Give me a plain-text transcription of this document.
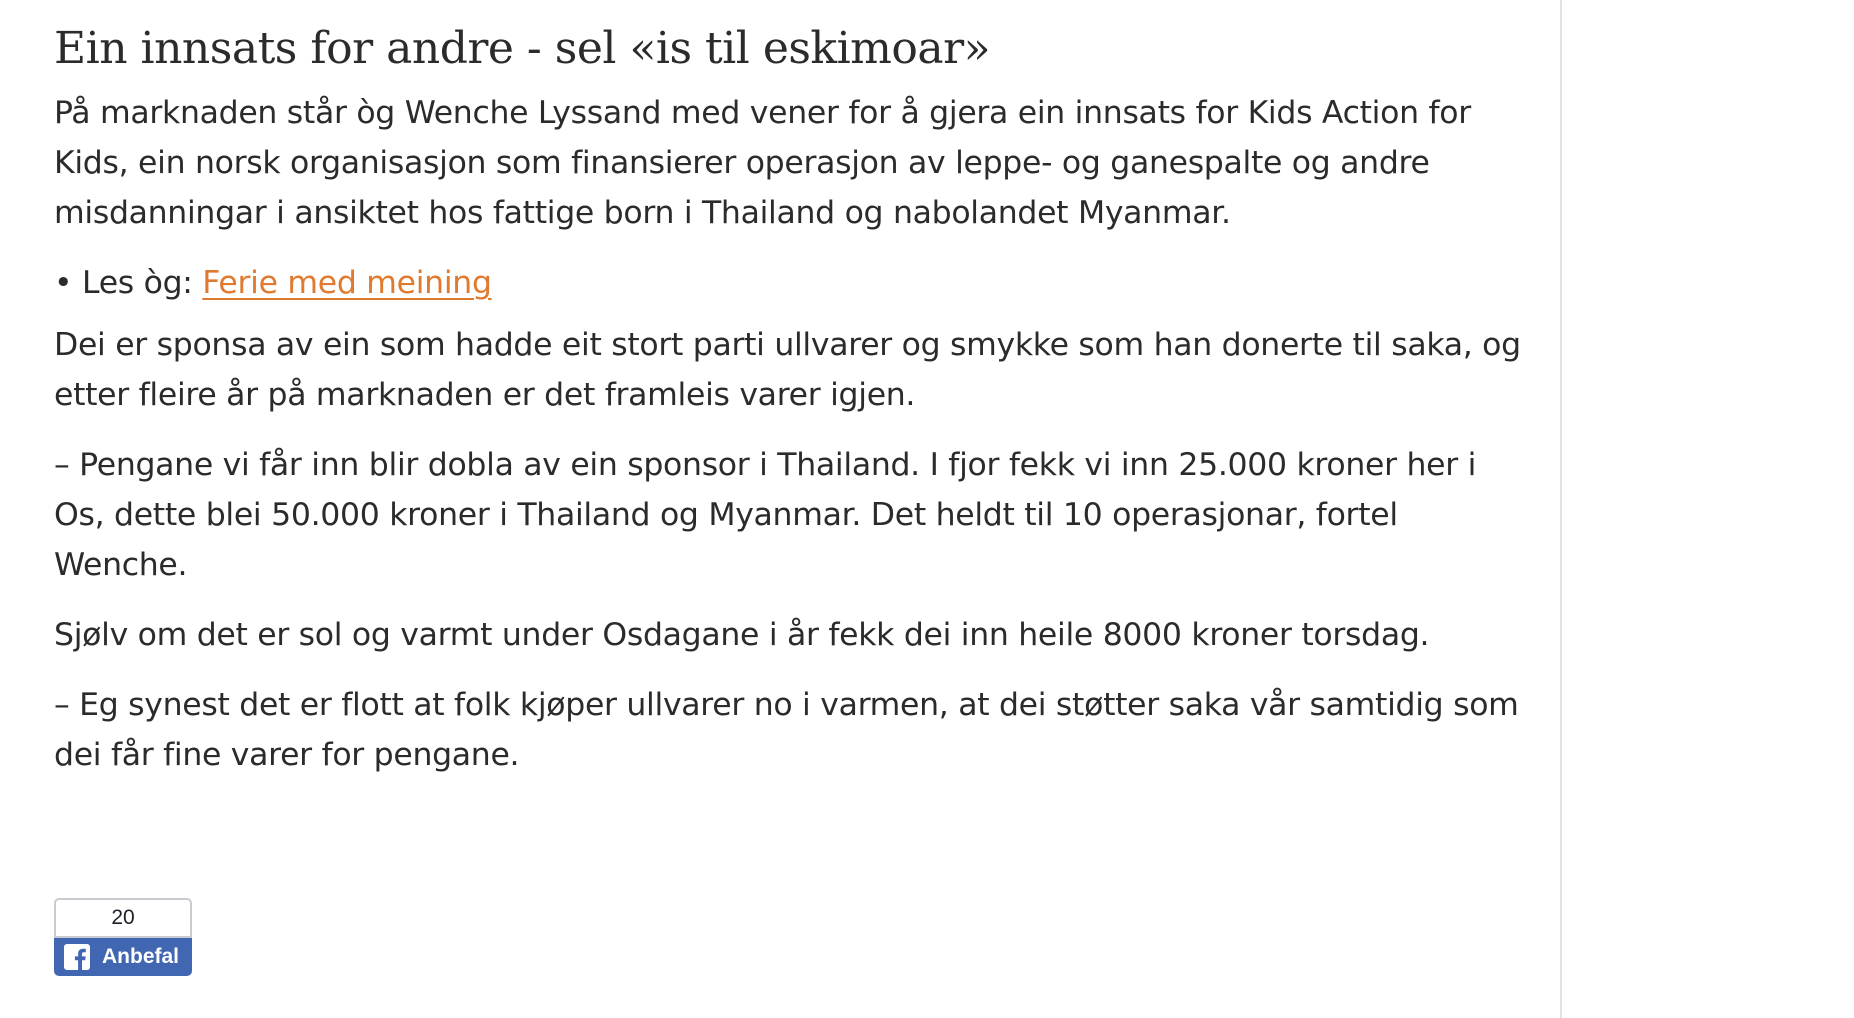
Ein innsats for andre - sel «is til eskimoar»

På marknaden står òg Wenche Lyssand med vener for å gjera ein innsats for Kids Action for Kids, ein norsk organisasjon som finansierer operasjon av leppe- og ganespalte og andre misdanningar i ansiktet hos fattige born i Thailand og nabolandet Myanmar.

• Les òg: Ferie med meining

Dei er sponsa av ein som hadde eit stort parti ullvarer og smykke som han donerte til saka, og etter fleire år på marknaden er det framleis varer igjen.

– Pengane vi får inn blir dobla av ein sponsor i Thailand. I fjor fekk vi inn 25.000 kroner her i Os, dette blei 50.000 kroner i Thailand og Myanmar. Det heldt til 10 operasjonar, fortel Wenche.

Sjølv om det er sol og varmt under Osdagane i år fekk dei inn heile 8000 kroner torsdag.

– Eg synest det er flott at folk kjøper ullvarer no i varmen, at dei støtter saka vår samtidig som dei får fine varer for pengane.

20
Anbefal
